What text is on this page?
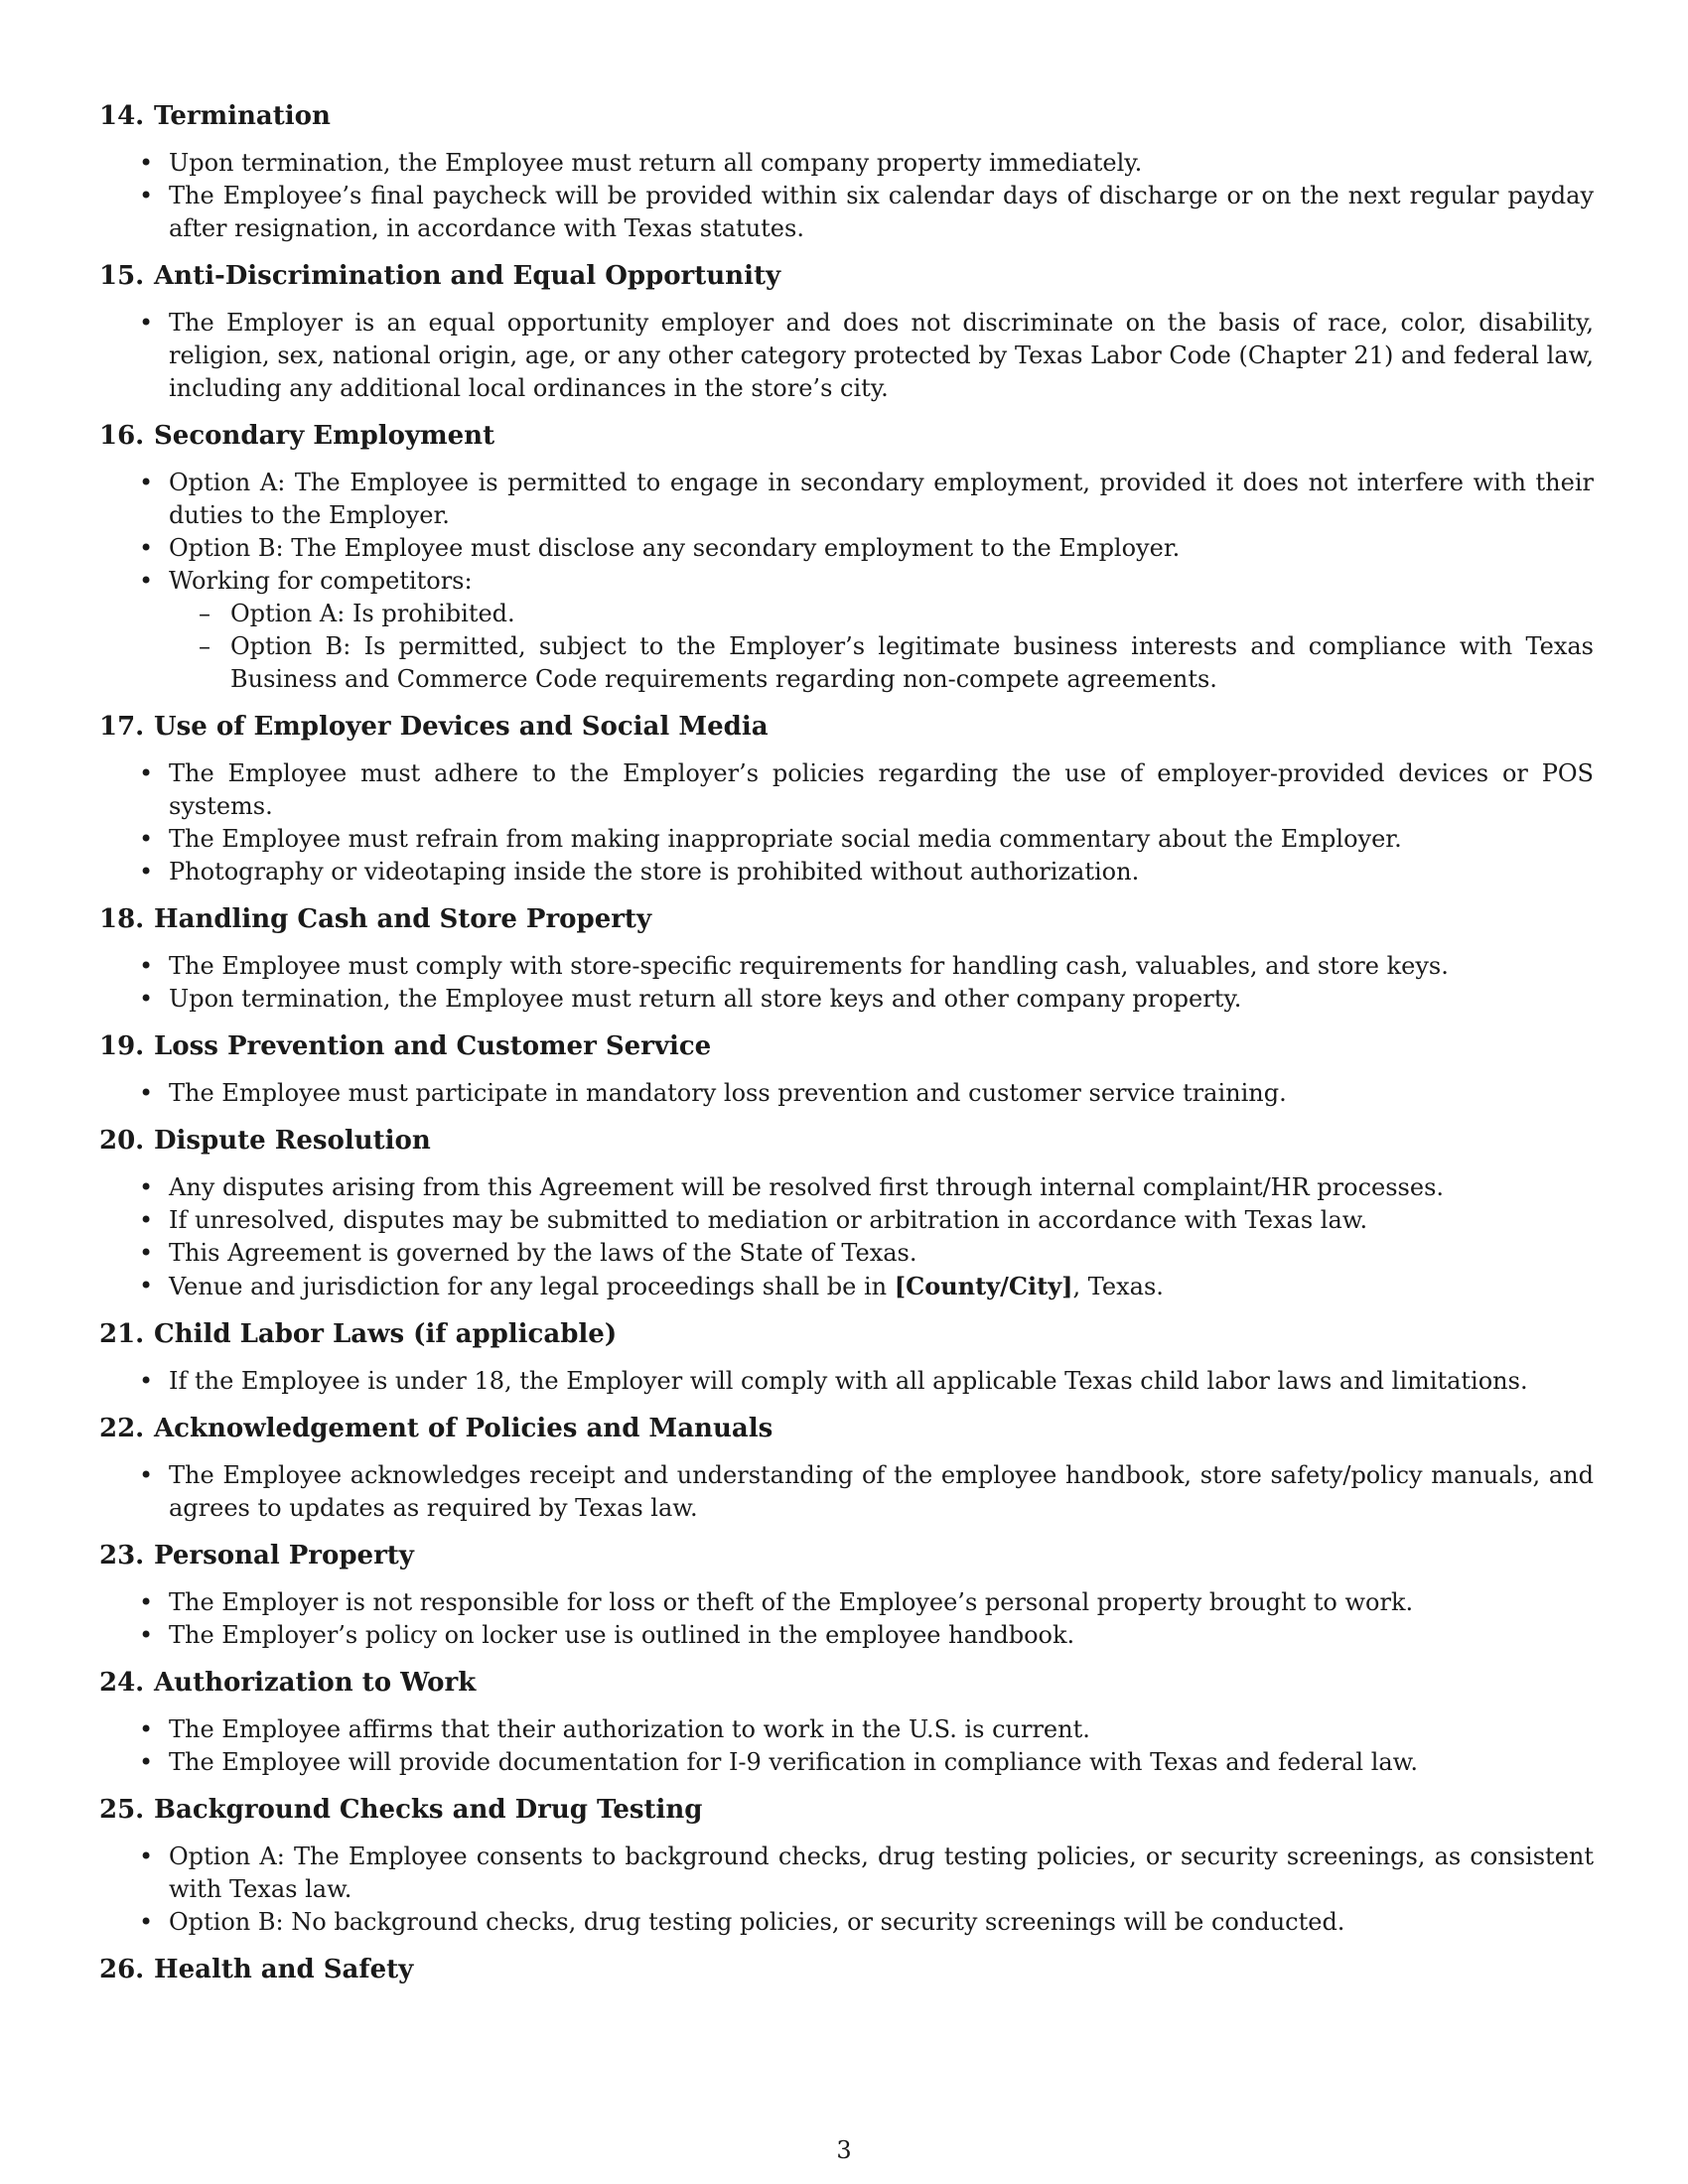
14. Termination
• Upon termination, the Employee must return all company property immediately.
• The Employee’s final paycheck will be provided within six calendar days of discharge or on the next regular payday after resignation, in accordance with Texas statutes.
15. Anti-Discrimination and Equal Opportunity
• The Employer is an equal opportunity employer and does not discriminate on the basis of race, color, disability, religion, sex, national origin, age, or any other category protected by Texas Labor Code (Chapter 21) and federal law, including any additional local ordinances in the store’s city.
16. Secondary Employment
• Option A: The Employee is permitted to engage in secondary employment, provided it does not interfere with their duties to the Employer.
• Option B: The Employee must disclose any secondary employment to the Employer.
• Working for competitors:
– Option A: Is prohibited.
– Option B: Is permitted, subject to the Employer’s legitimate business interests and compliance with Texas Business and Commerce Code requirements regarding non-compete agreements.
17. Use of Employer Devices and Social Media
• The Employee must adhere to the Employer’s policies regarding the use of employer-provided devices or POS systems.
• The Employee must refrain from making inappropriate social media commentary about the Employer.
• Photography or videotaping inside the store is prohibited without authorization.
18. Handling Cash and Store Property
• The Employee must comply with store-specific requirements for handling cash, valuables, and store keys.
• Upon termination, the Employee must return all store keys and other company property.
19. Loss Prevention and Customer Service
• The Employee must participate in mandatory loss prevention and customer service training.
20. Dispute Resolution
• Any disputes arising from this Agreement will be resolved first through internal complaint/HR processes.
• If unresolved, disputes may be submitted to mediation or arbitration in accordance with Texas law.
• This Agreement is governed by the laws of the State of Texas.
• Venue and jurisdiction for any legal proceedings shall be in [County/City], Texas.
21. Child Labor Laws (if applicable)
• If the Employee is under 18, the Employer will comply with all applicable Texas child labor laws and limitations.
22. Acknowledgement of Policies and Manuals
• The Employee acknowledges receipt and understanding of the employee handbook, store safety/policy manuals, and agrees to updates as required by Texas law.
23. Personal Property
• The Employer is not responsible for loss or theft of the Employee’s personal property brought to work.
• The Employer’s policy on locker use is outlined in the employee handbook.
24. Authorization to Work
• The Employee affirms that their authorization to work in the U.S. is current.
• The Employee will provide documentation for I-9 verification in compliance with Texas and federal law.
25. Background Checks and Drug Testing
• Option A: The Employee consents to background checks, drug testing policies, or security screenings, as consistent with Texas law.
• Option B: No background checks, drug testing policies, or security screenings will be conducted.
26. Health and Safety
3
